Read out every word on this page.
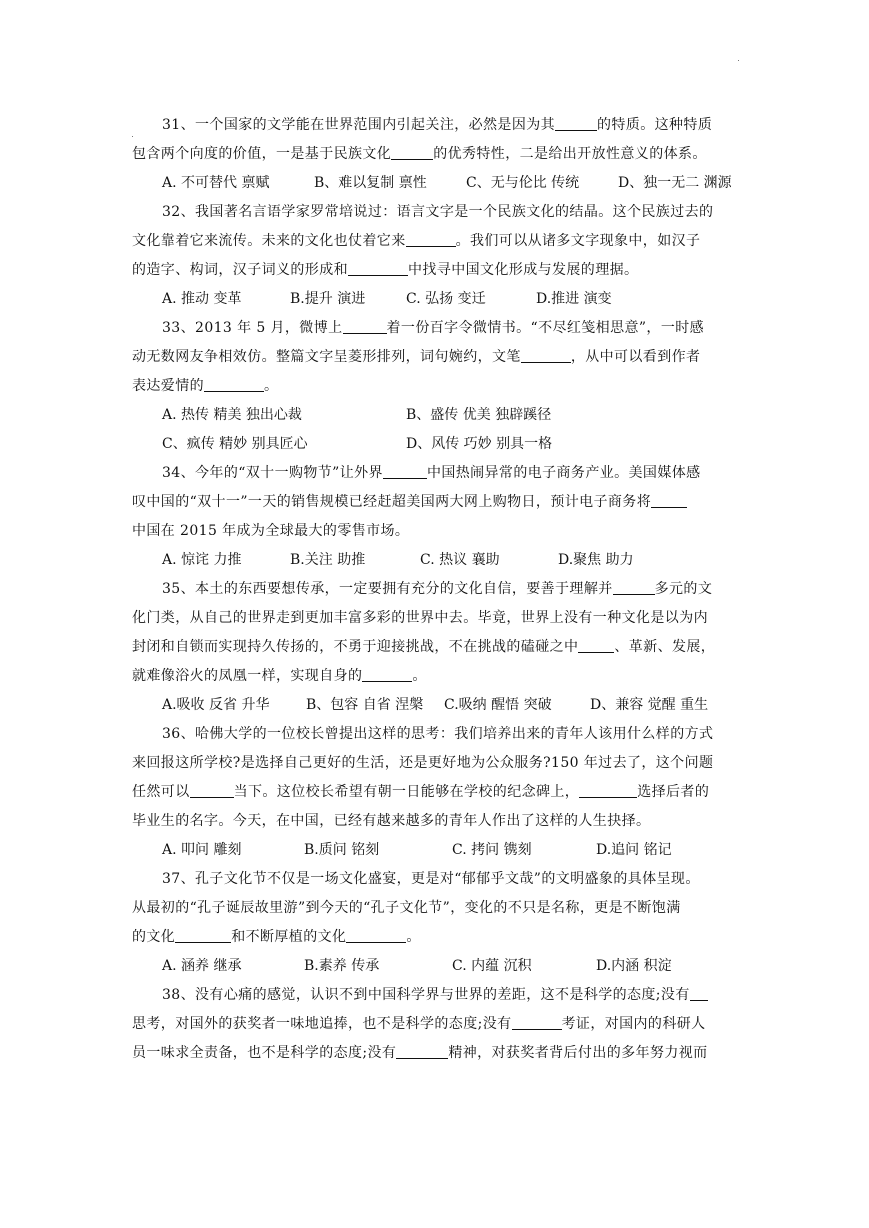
31、一个国家的文学能在世界范围内引起关注，必然是因为其	的特质。这种特质
包含两个向度的价值，一是基于民族文化	的优秀特性，二是给出开放性意义的体系。
A. 不可替代 禀赋	B、难以复制 禀性	C、无与伦比 传统	D、独一无二 渊源
32、我国著名言语学家罗常培说过：语言文字是一个民族文化的结晶。这个民族过去的
文化靠着它来流传。未来的文化也仗着它来	。我们可以从诸多文字现象中，如汉子
的造字、构词，汉子词义的形成和	中找寻中国文化形成与发展的理据。
A. 推动 变革	B.提升 演进	C. 弘扬 变迁	D.推进 演变
33、2013 年 5 月，微博上	着一份百字令微情书。“不尽红笺相思意”，一时感
动无数网友争相效仿。整篇文字呈菱形排列，词句婉约，文笔	，从中可以看到作者
表达爱情的	。
A. 热传 精美 独出心裁	B、盛传 优美 独辟蹊径
C、疯传 精妙 别具匠心	D、风传 巧妙 别具一格
34、今年的“双十一购物节”让外界	中国热闹异常的电子商务产业。美国媒体感
叹中国的“双十一”一天的销售规模已经赶超美国两大网上购物日，预计电子商务将
中国在 2015 年成为全球最大的零售市场。
A. 惊诧 力推	B.关注 助推	C. 热议 襄助	D.聚焦 助力
35、本土的东西要想传承，一定要拥有充分的文化自信，要善于理解并	多元的文
化门类，从自己的世界走到更加丰富多彩的世界中去。毕竟，世界上没有一种文化是以为内
封闭和自锁而实现持久传扬的，不勇于迎接挑战，不在挑战的磕碰之中	、革新、发展，
就难像浴火的凤凰一样，实现自身的	。
A.吸收 反省 升华	B、包容 自省 涅槃 C.吸纳 醒悟 突破	D、兼容 觉醒 重生
36、哈佛大学的一位校长曾提出这样的思考：我们培养出来的青年人该用什么样的方式
来回报这所学校?是选择自己更好的生活，还是更好地为公众服务?150 年过去了，这个问题
任然可以	当下。这位校长希望有朝一日能够在学校的纪念碑上，	选择后者的
毕业生的名字。今天，在中国，已经有越来越多的青年人作出了这样的人生抉择。
A. 叩问 雕刻	B.质问 铭刻	C. 拷问 镌刻	D.追问 铭记
37、孔子文化节不仅是一场文化盛宴，更是对“郁郁乎文哉”的文明盛象的具体呈现。
从最初的“孔子诞辰故里游”到今天的“孔子文化节”，变化的不只是名称，更是不断饱满
的文化	和不断厚植的文化	。
A. 涵养 继承	B.素养 传承	C. 内蕴 沉积	D.内涵 积淀
38、没有心痛的感觉，认识不到中国科学界与世界的差距，这不是科学的态度;没有
思考，对国外的获奖者一味地追捧，也不是科学的态度;没有	考证，对国内的科研人
员一味求全责备，也不是科学的态度;没有	精神，对获奖者背后付出的多年努力视而
